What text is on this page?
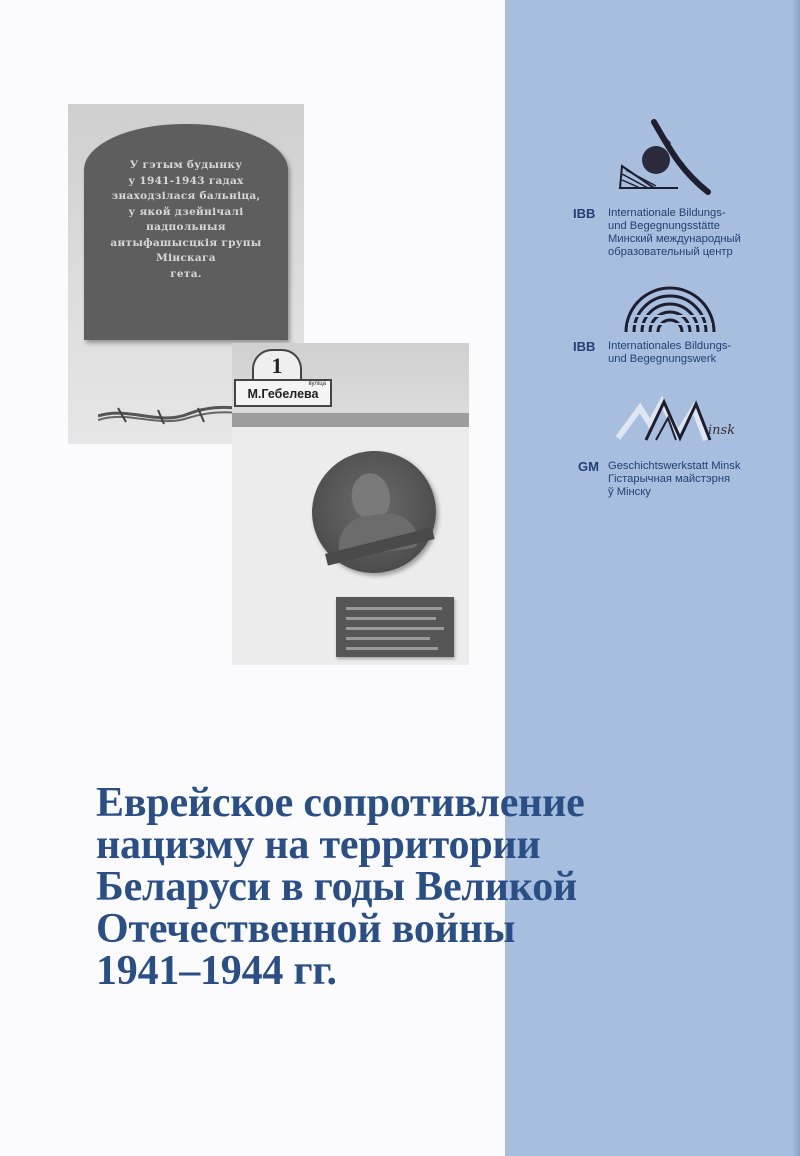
У гэтым будынку
у 1941-1943 гадах
знаходзілася бальніца,
у якой дзейнічалі
падпольныя
антыфашысцкія групы
Мінскага
гета.
1
вуліца
М.Гебелева
IBB Internationale Bildungs-
und Begegnungsstätte
Минский международный
образовательный центр
IBB Internationales Bildungs-
und Begegnungswerk
insk
GM Geschichtswerkstatt Minsk
Гістарычная майстэрня
ў Мінску
Еврейское сопротивление
нацизму на территории
Беларуси в годы Великой
Отечественной войны
1941–1944 гг.
